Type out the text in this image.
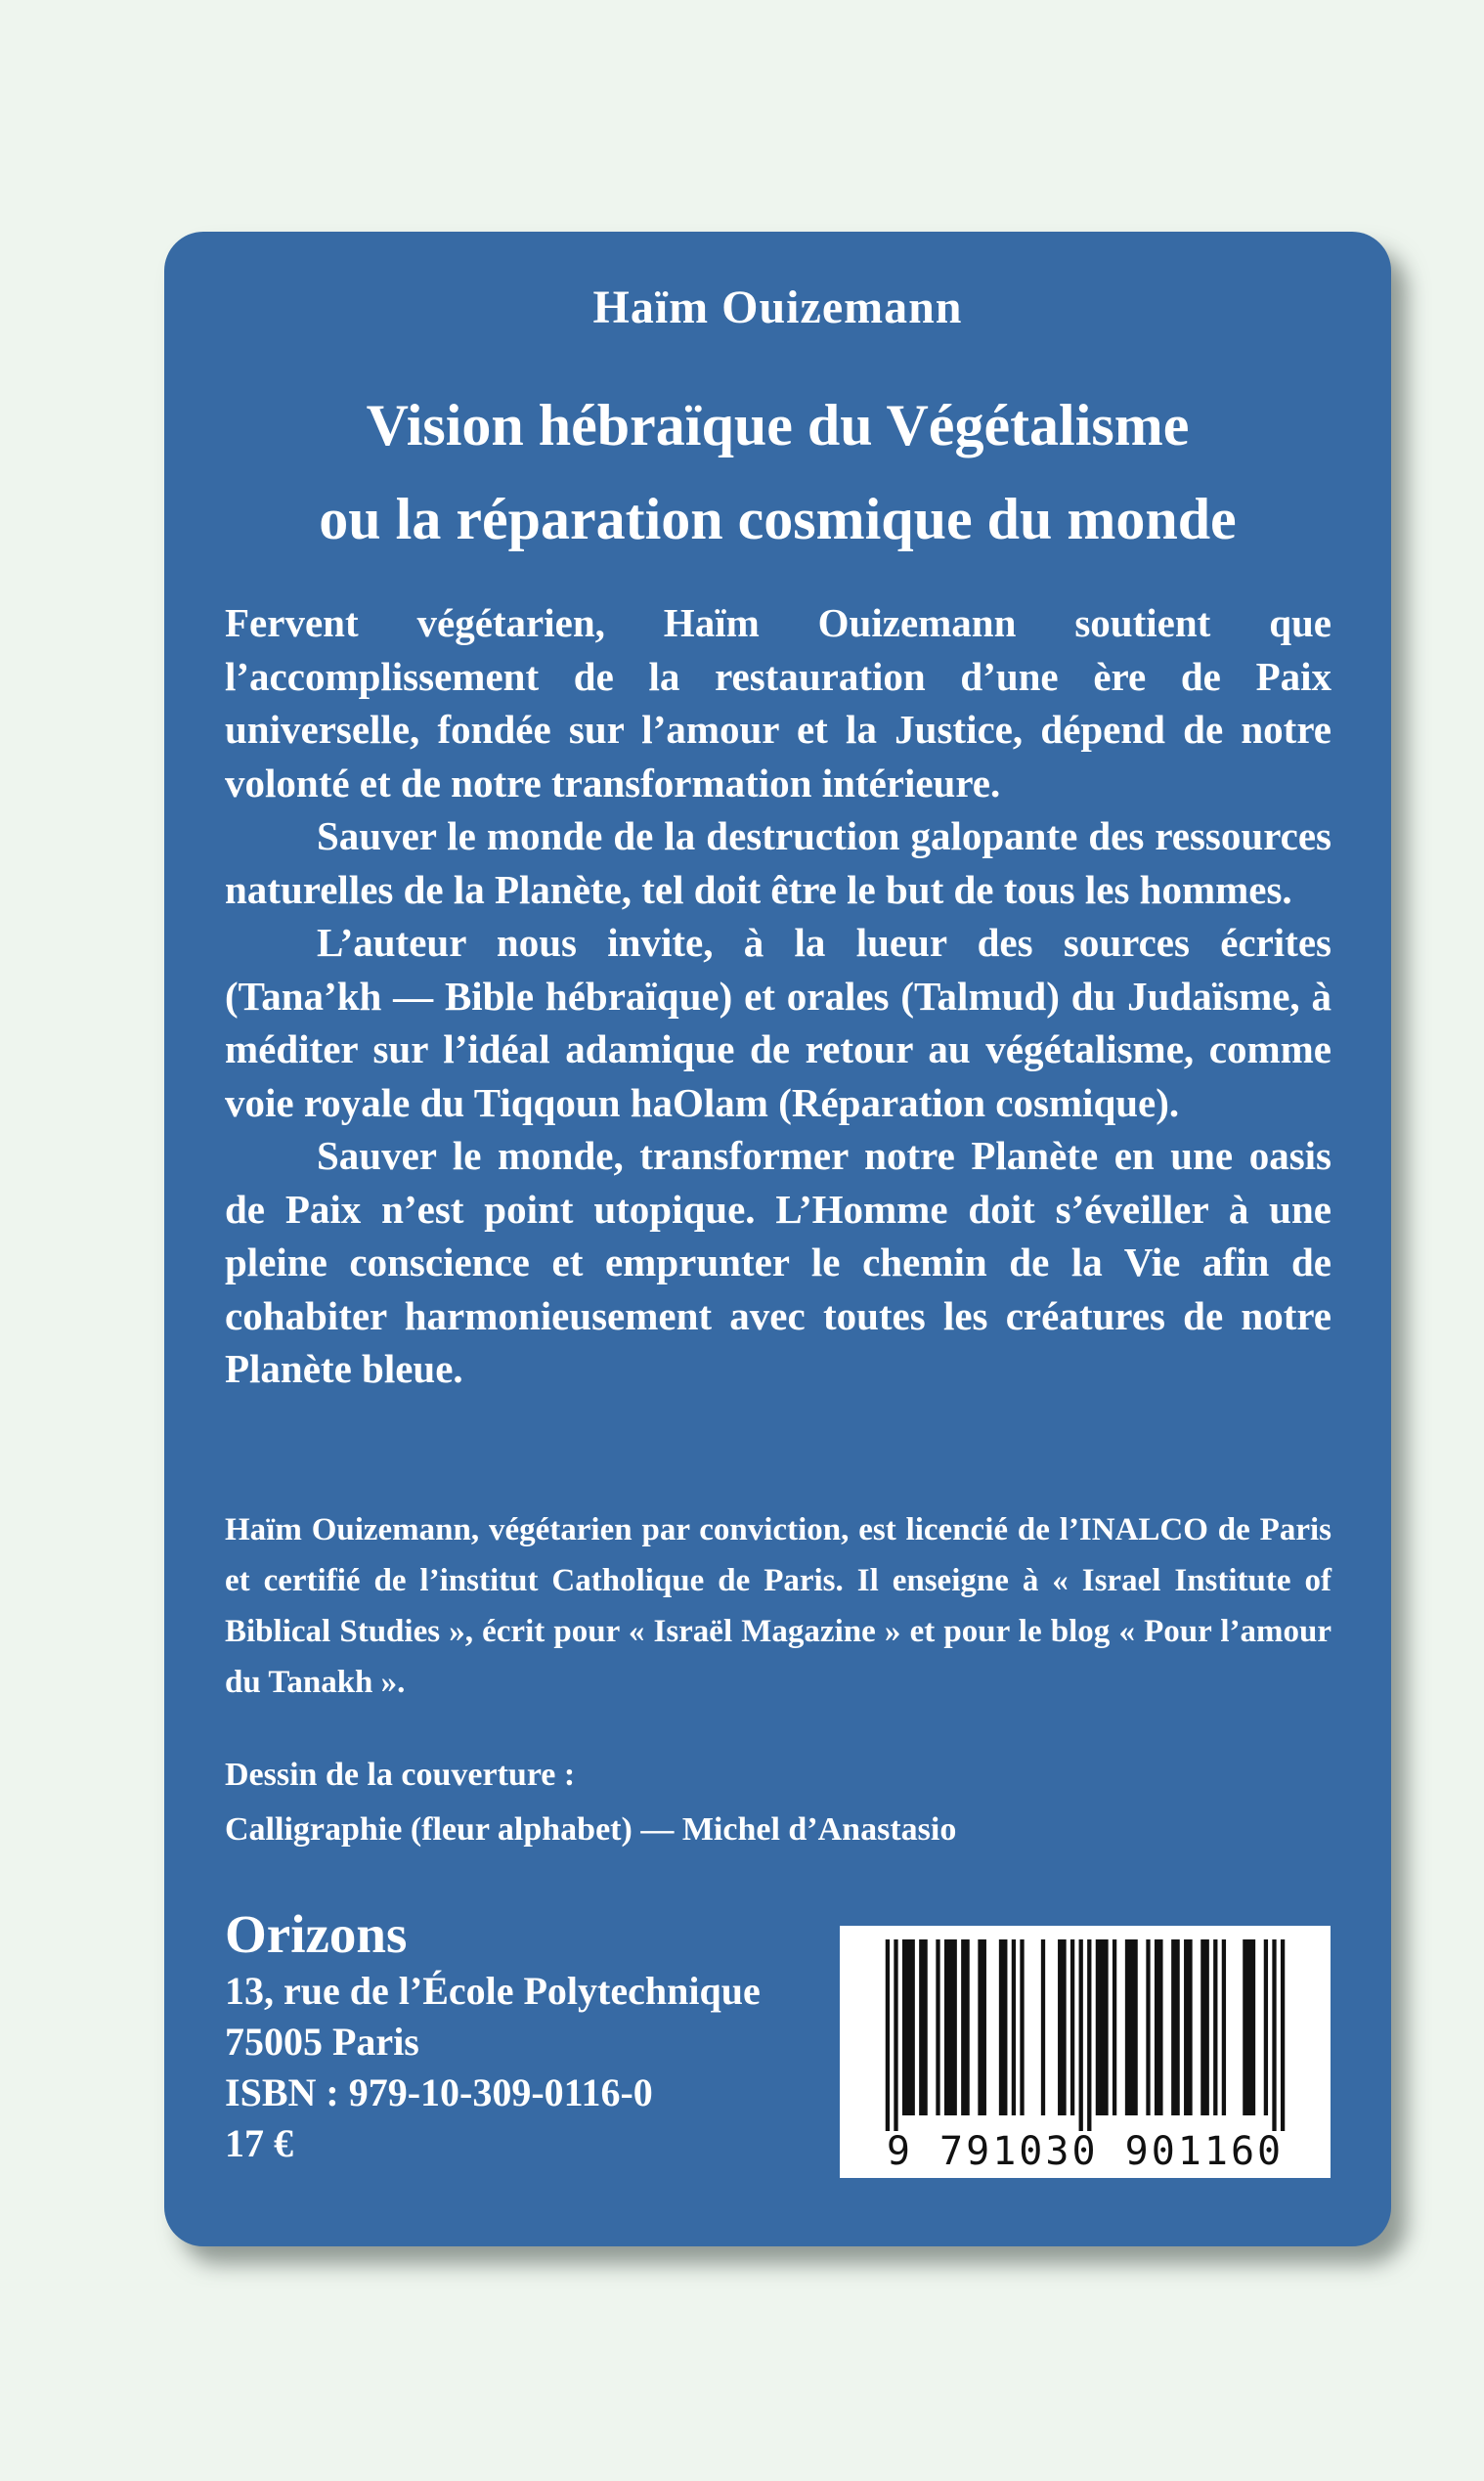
Haïm Ouizemann
Vision hébraïque du Végétalisme
ou la réparation cosmique du monde

Fervent végétarien, Haïm Ouizemann soutient que l’accomplissement de la restauration d’une ère de Paix universelle, fondée sur l’amour et la Justice, dépend de notre volonté et de notre transformation intérieure.

Sauver le monde de la destruction galopante des ressources naturelles de la Planète, tel doit être le but de tous les hommes.

L’auteur nous invite, à la lueur des sources écrites (Tana’kh — Bible hébraïque) et orales (Talmud) du Judaïsme, à méditer sur l’idéal adamique de retour au végétalisme, comme voie royale du Tiqqoun haOlam (Réparation cosmique).

Sauver le monde, transformer notre Planète en une oasis de Paix n’est point utopique. L’Homme doit s’éveiller à une pleine conscience et emprunter le chemin de la Vie afin de cohabiter harmonieusement avec toutes les créatures de notre Planète bleue.

Haïm Ouizemann, végétarien par conviction, est licencié de l’INALCO de Paris et certifié de l’institut Catholique de Paris. Il enseigne à « Israel Institute of Biblical Studies », écrit pour « Israël Magazine » et pour le blog « Pour l’amour du Tanakh ».

Dessin de la couverture :
Calligraphie (fleur alphabet) — Michel d’Anastasio
Orizons
13, rue de l’École Polytechnique
75005 Paris
ISBN : 979-10-309-0116-0
17 €	9 791030 901160
